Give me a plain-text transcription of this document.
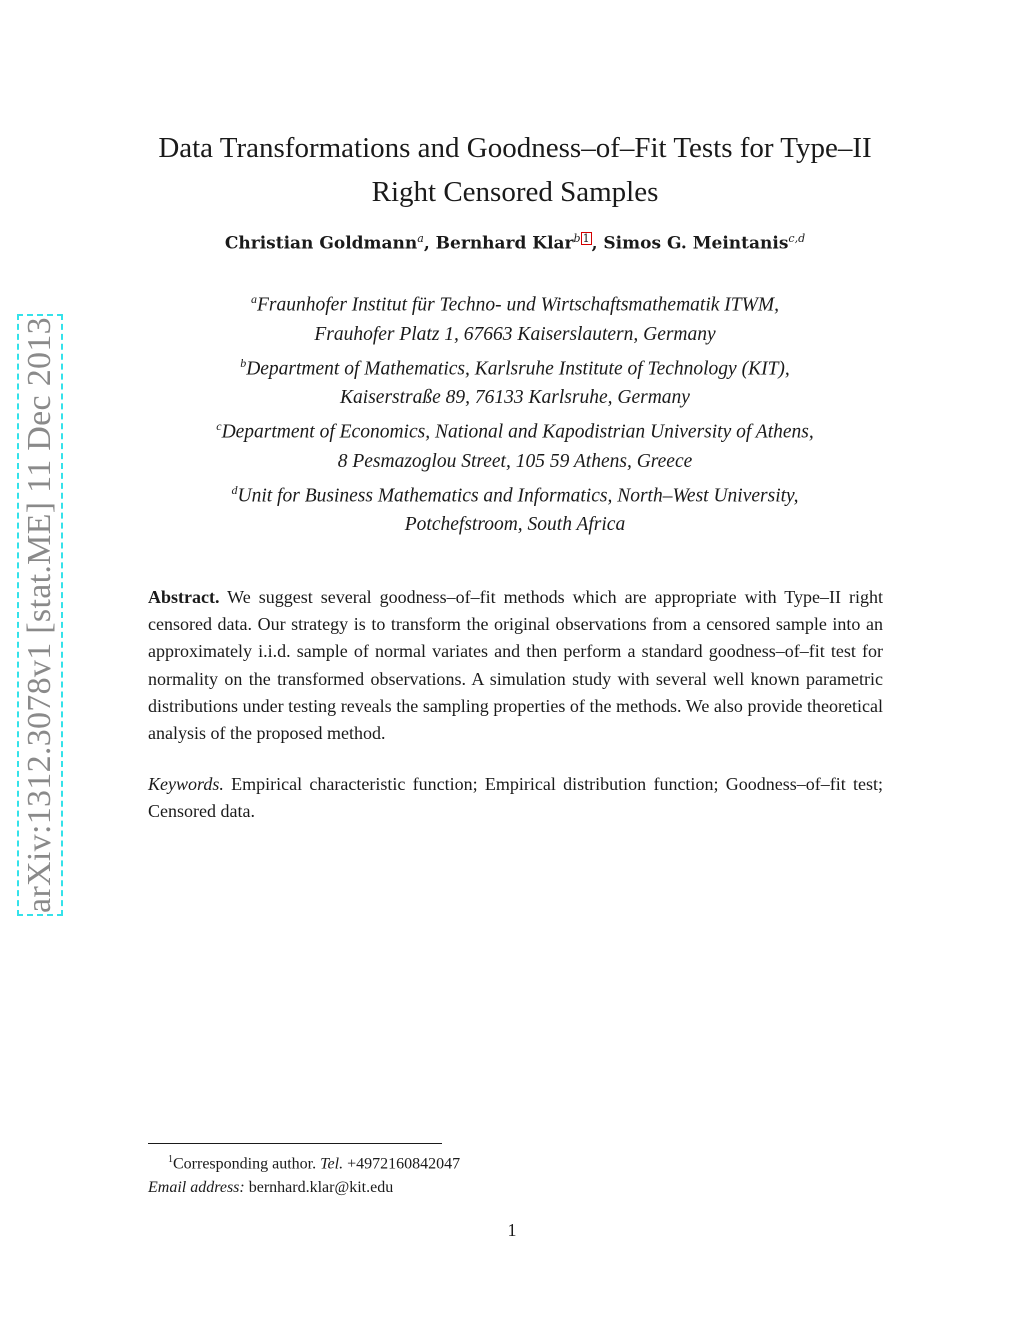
arXiv:1312.3078v1 [stat.ME] 11 Dec 2013
Data Transformations and Goodness–of–Fit Tests for Type–II
Right Censored Samples
Christian Goldmann$^a$, Bernhard Klar$^{b 1}$ , Simos G. Meintanis$^{c,d}$
$^a$Fraunhofer Institut für Techno- und Wirtschaftsmathematik ITWM,
Frauhofer Platz 1, 67663 Kaiserslautern, Germany
$^b$Department of Mathematics, Karlsruhe Institute of Technology (KIT),
Kaiserstraße 89, 76133 Karlsruhe, Germany
$^c$Department of Economics, National and Kapodistrian University of Athens,
8 Pesmazoglou Street, 105 59 Athens, Greece
$^d$Unit for Business Mathematics and Informatics, North–West University,
Potchefstroom, South Africa

Abstract. We suggest several goodness–of–fit methods which are appropriate with Type–II right censored data. Our strategy is to transform the original observations from a censored sample into an approximately i.i.d. sample of normal variates and then perform a standard goodness–of–fit test for normality on the transformed observations. A simulation study with several well known parametric distributions under testing reveals the sampling properties of the methods. We also provide theoretical analysis of the proposed method.

Keywords. Empirical characteristic function; Empirical distribution function; Goodness–of–fit test; Censored data.

$^1$Corresponding author. Tel. +4972160842047
Email address: bernhard.klar@kit.edu
1
